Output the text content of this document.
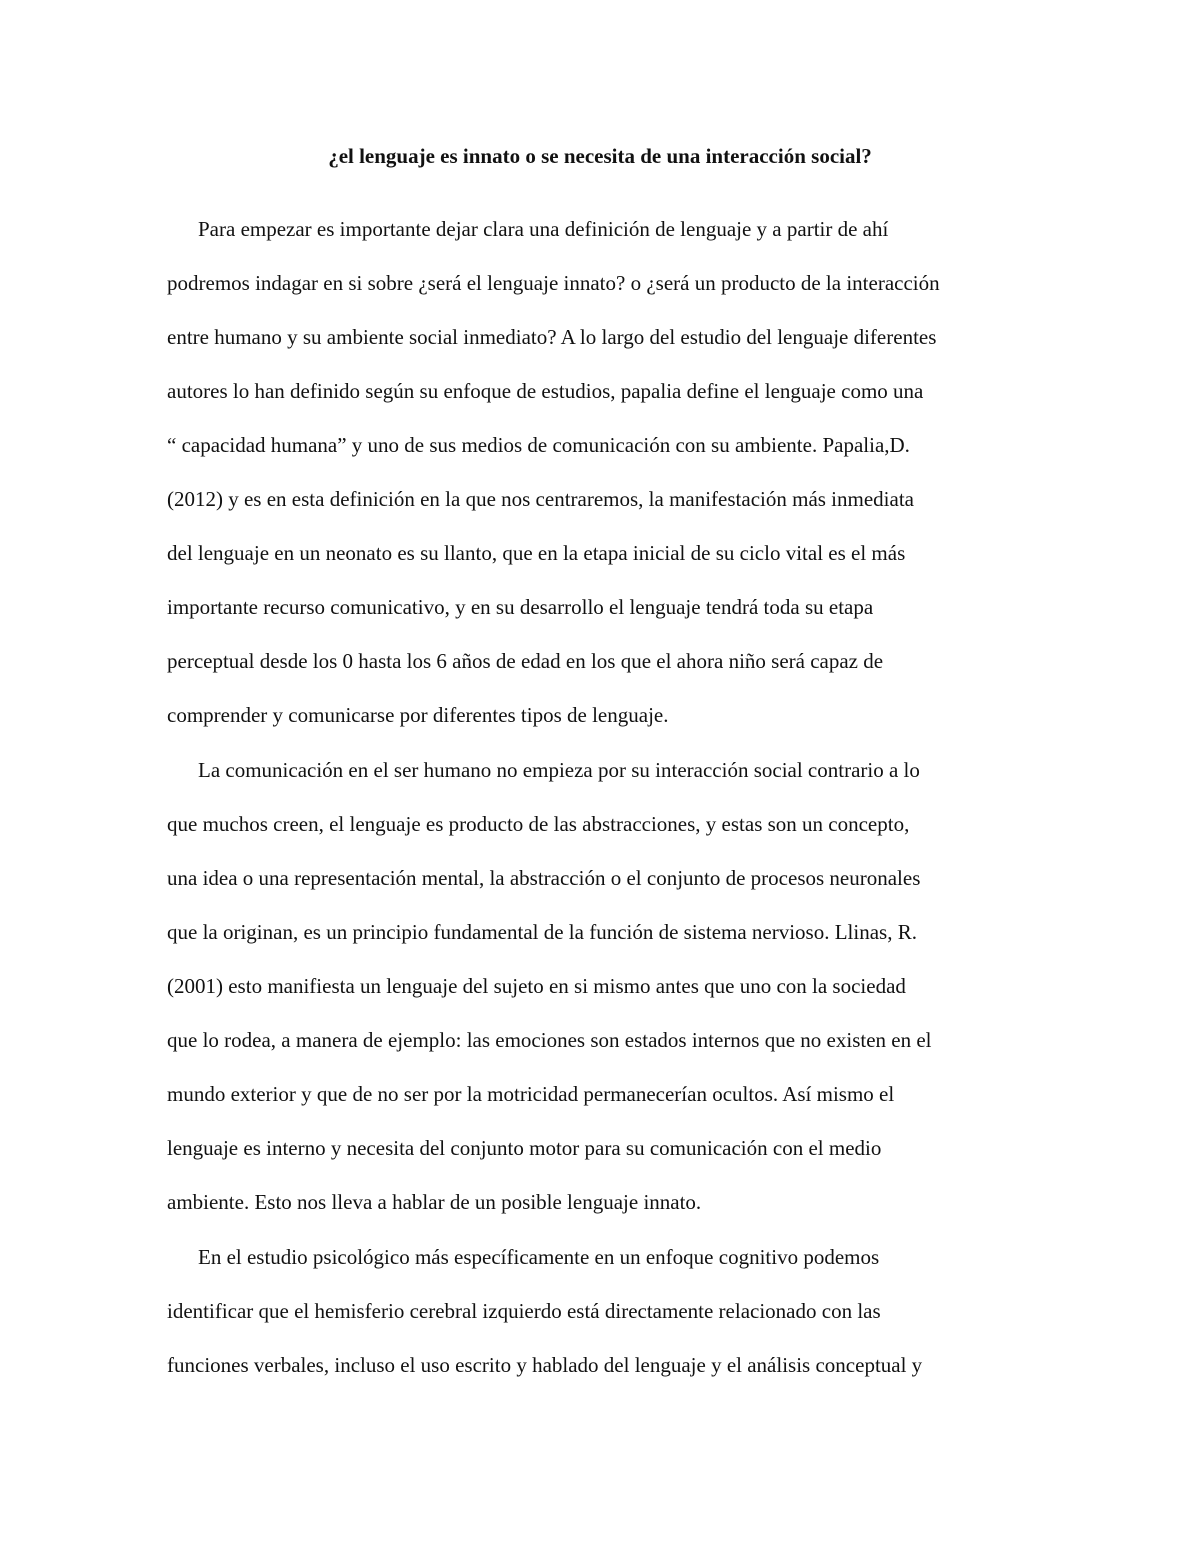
¿el lenguaje es innato o se necesita de una interacción social?

Para empezar es importante dejar clara una definición de lenguaje y a partir de ahí

podremos indagar en si sobre ¿será el lenguaje innato? o ¿será un producto de la interacción

entre humano y su ambiente social inmediato? A lo largo del estudio del lenguaje diferentes

autores lo han definido según su enfoque de estudios, papalia define el lenguaje como una

“ capacidad humana” y uno de sus medios de comunicación con su ambiente. Papalia,D.

(2012) y es en esta definición en la que nos centraremos, la manifestación más inmediata

del lenguaje en un neonato es su llanto, que en la etapa inicial de su ciclo vital es el más

importante recurso comunicativo, y en su desarrollo el lenguaje tendrá toda su etapa

perceptual desde los 0 hasta los 6 años de edad en los que el ahora niño será capaz de

comprender y comunicarse por diferentes tipos de lenguaje.

La comunicación en el ser humano no empieza por su interacción social contrario a lo

que muchos creen, el lenguaje es producto de las abstracciones, y estas son un concepto,

una idea o una representación mental, la abstracción o el conjunto de procesos neuronales

que la originan, es un principio fundamental de la función de sistema nervioso. Llinas, R.

(2001) esto manifiesta un lenguaje del sujeto en si mismo antes que uno con la sociedad

que lo rodea, a manera de ejemplo: las emociones son estados internos que no existen en el

mundo exterior y que de no ser por la motricidad permanecerían ocultos. Así mismo el

lenguaje es interno y necesita del conjunto motor para su comunicación con el medio

ambiente. Esto nos lleva a hablar de un posible lenguaje innato.

En el estudio psicológico más específicamente en un enfoque cognitivo podemos

identificar que el hemisferio cerebral izquierdo está directamente relacionado con las

funciones verbales, incluso el uso escrito y hablado del lenguaje y el análisis conceptual y
